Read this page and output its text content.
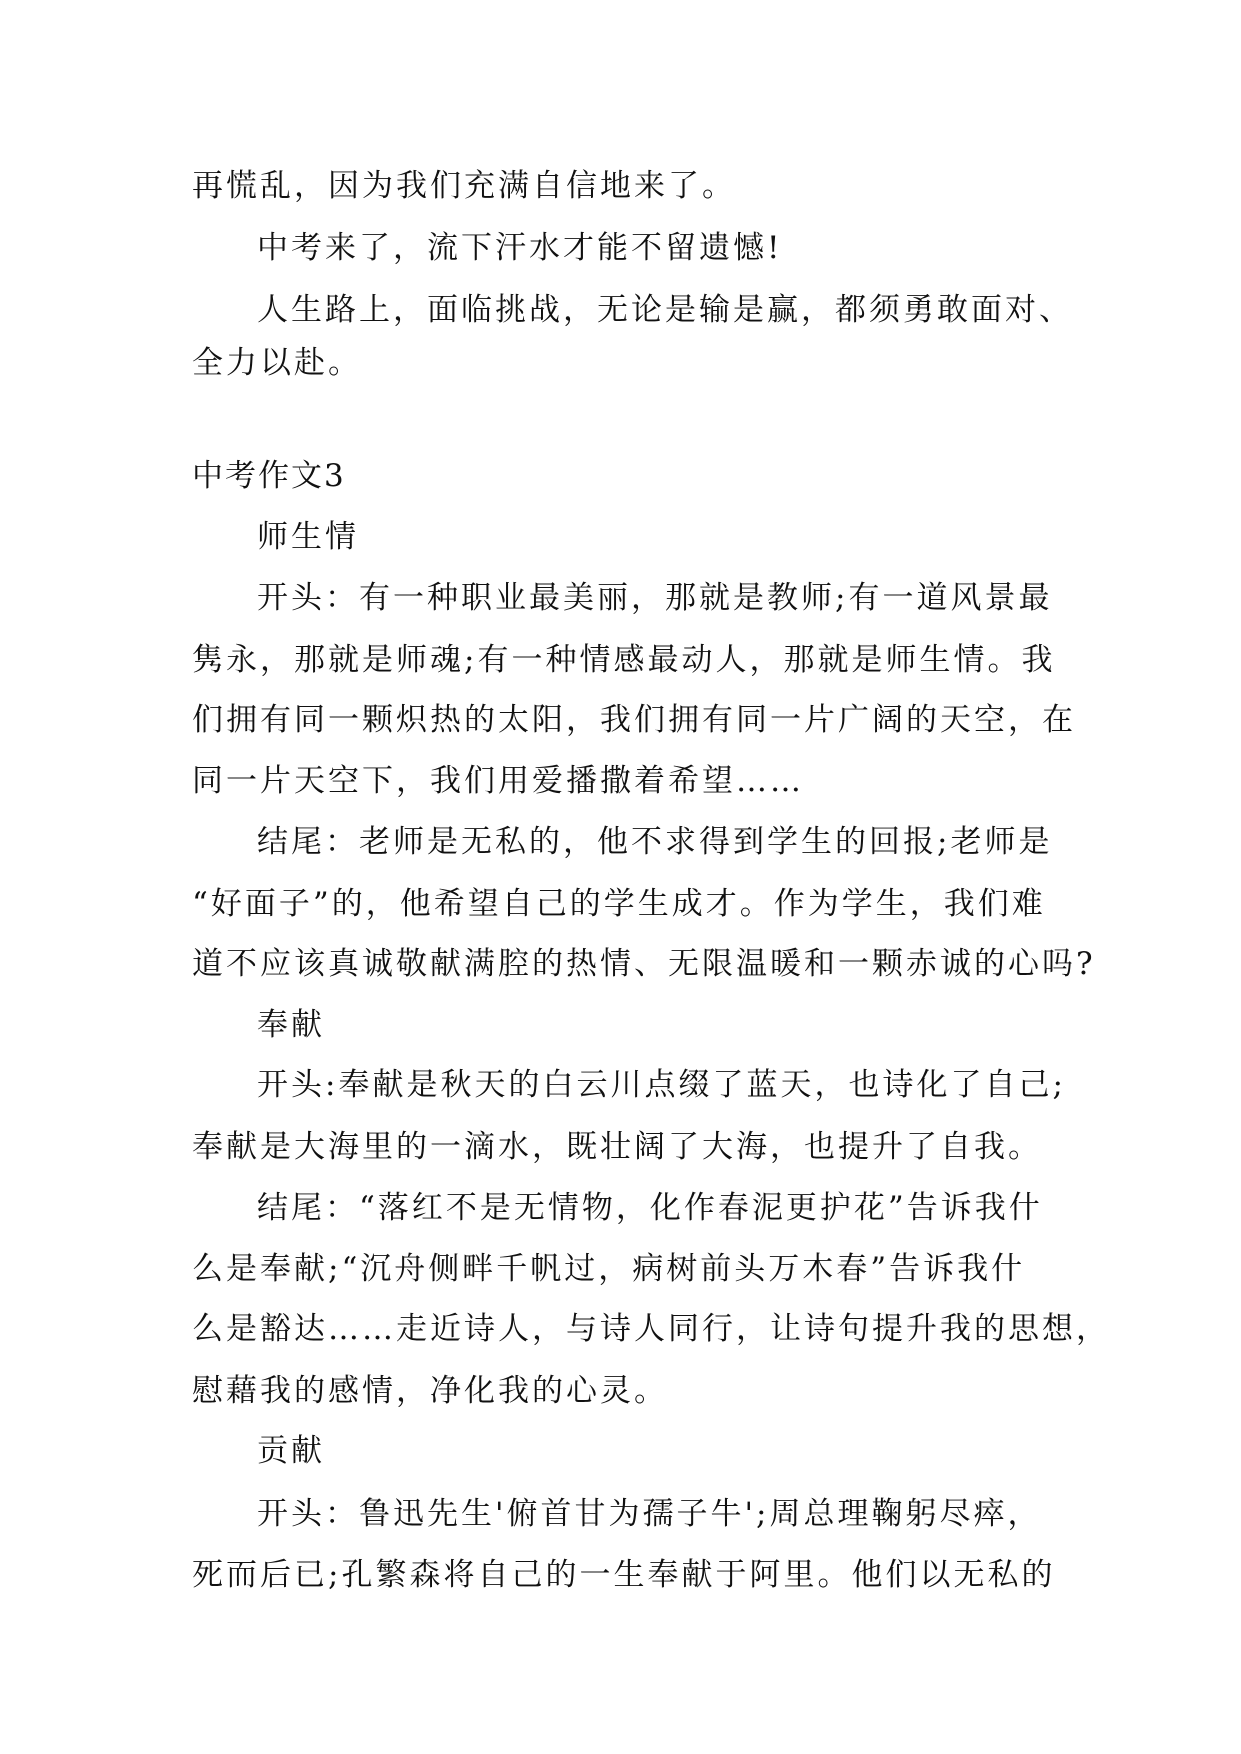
再慌乱，因为我们充满自信地来了。
中考来了，流下汗水才能不留遗憾!
人生路上，面临挑战，无论是输是赢，都须勇敢面对、
全力以赴。
中考作文3
师生情
开头：有一种职业最美丽，那就是教师;有一道风景最
隽永，那就是师魂;有一种情感最动人，那就是师生情。我
们拥有同一颗炽热的太阳，我们拥有同一片广阔的天空，在
同一片天空下，我们用爱播撒着希望……
结尾：老师是无私的，他不求得到学生的回报;老师是
“好面子”的，他希望自己的学生成才。作为学生，我们难
道不应该真诚敬献满腔的热情、无限温暖和一颗赤诚的心吗?
奉献
开头:奉献是秋天的白云川点缀了蓝天，也诗化了自己;
奉献是大海里的一滴水，既壮阔了大海，也提升了自我。
结尾：“落红不是无情物，化作春泥更护花”告诉我什
么是奉献;“沉舟侧畔千帆过，病树前头万木春”告诉我什
么是豁达……走近诗人，与诗人同行，让诗句提升我的思想，
慰藉我的感情，净化我的心灵。
贡献
开头：鲁迅先生'俯首甘为孺子牛';周总理鞠躬尽瘁，
死而后已;孔繁森将自己的一生奉献于阿里。他们以无私的
